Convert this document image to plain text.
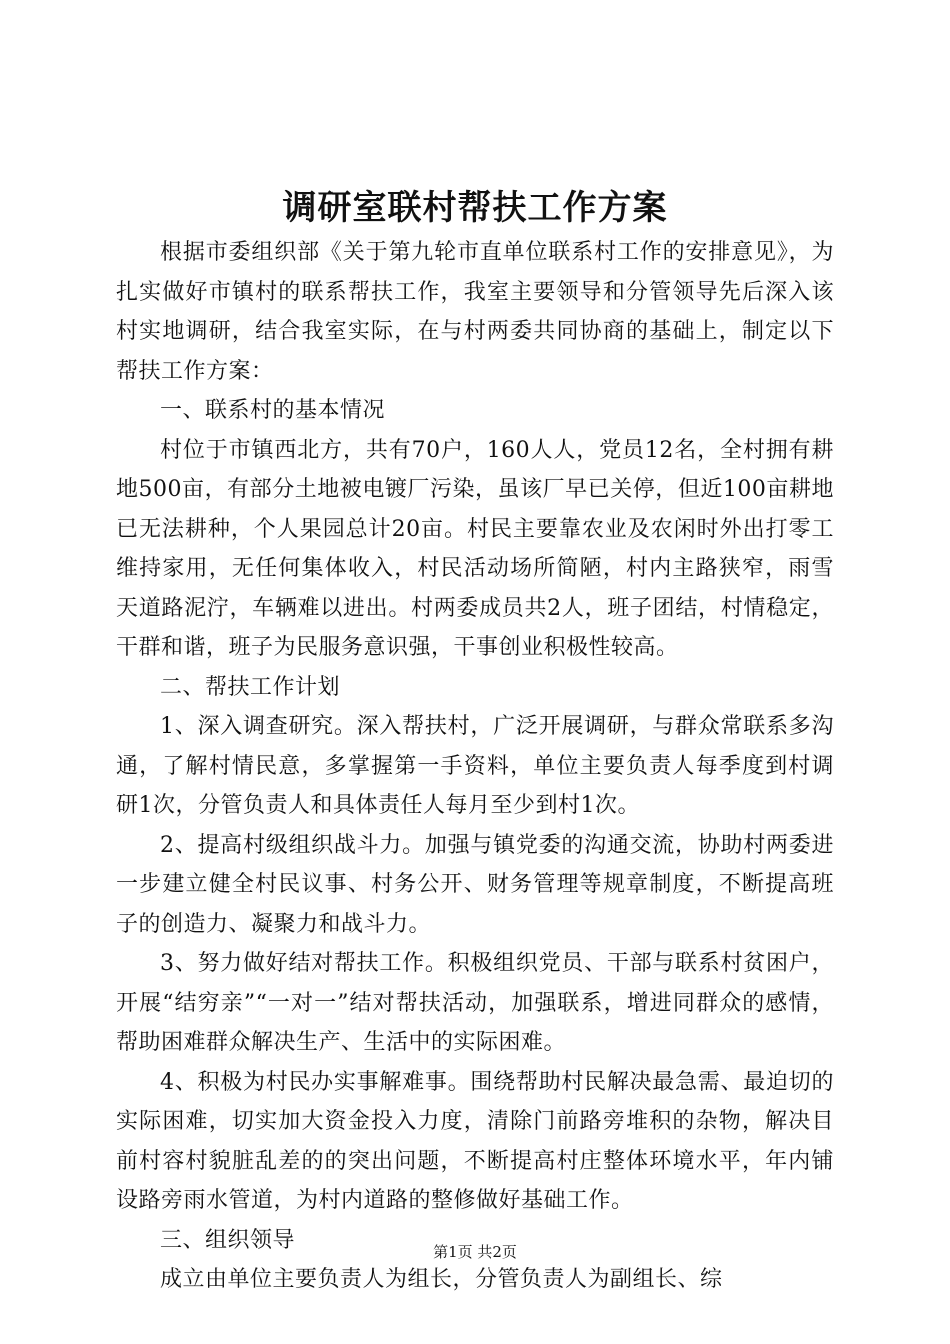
调研室联村帮扶工作方案

根据市委组织部《关于第九轮市直单位联系村工作的安排意见》，为扎实做好市镇村的联系帮扶工作，我室主要领导和分管领导先后深入该村实地调研，结合我室实际，在与村两委共同协商的基础上，制定以下帮扶工作方案：

一、联系村的基本情况

村位于市镇西北方，共有70户，160人人，党员12名，全村拥有耕地500亩，有部分土地被电镀厂污染，虽该厂早已关停，但近100亩耕地已无法耕种，个人果园总计20亩。村民主要靠农业及农闲时外出打零工维持家用，无任何集体收入，村民活动场所简陋，村内主路狭窄，雨雪天道路泥泞，车辆难以进出。村两委成员共2人，班子团结，村情稳定，干群和谐，班子为民服务意识强，干事创业积极性较高。

二、帮扶工作计划

1、深入调查研究。深入帮扶村，广泛开展调研，与群众常联系多沟通，了解村情民意，多掌握第一手资料，单位主要负责人每季度到村调研1次，分管负责人和具体责任人每月至少到村1次。

2、提高村级组织战斗力。加强与镇党委的沟通交流，协助村两委进一步建立健全村民议事、村务公开、财务管理等规章制度，不断提高班子的创造力、凝聚力和战斗力。

3、努力做好结对帮扶工作。积极组织党员、干部与联系村贫困户，开展“结穷亲”“一对一”结对帮扶活动，加强联系，增进同群众的感情，帮助困难群众解决生产、生活中的实际困难。

4、积极为村民办实事解难事。围绕帮助村民解决最急需、最迫切的实际困难，切实加大资金投入力度，清除门前路旁堆积的杂物，解决目前村容村貌脏乱差的的突出问题，不断提高村庄整体环境水平，年内铺设路旁雨水管道，为村内道路的整修做好基础工作。

三、组织领导

成立由单位主要负责人为组长，分管负责人为副组长、综

第1页 共2页
